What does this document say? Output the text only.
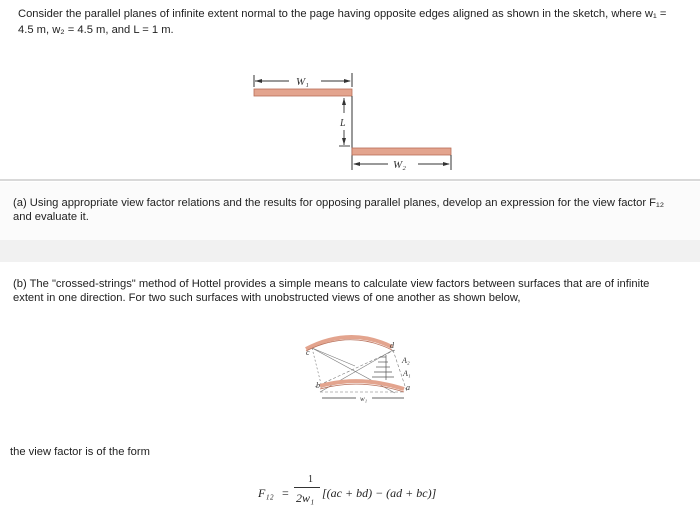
Consider the parallel planes of infinite extent normal to the page having opposite edges aligned as shown in the sketch, where w₁ =
4.5 m, w₂ = 4.5 m, and L = 1 m.
W₁
L
W₂
(a) Using appropriate view factor relations and the results for opposing parallel planes, develop an expression for the view factor F₁₂
and evaluate it.
(b) The "crossed-strings" method of Hottel provides a simple means to calculate view factors between surfaces that are of infinite
extent in one direction. For two such surfaces with unobstructed views of one another as shown below,
w₁
d
c
b	a
A₂
A₁
the view factor is of the form
F₁₂ =
1
2w₁ [(ac + bd) − (ad + bc)]
